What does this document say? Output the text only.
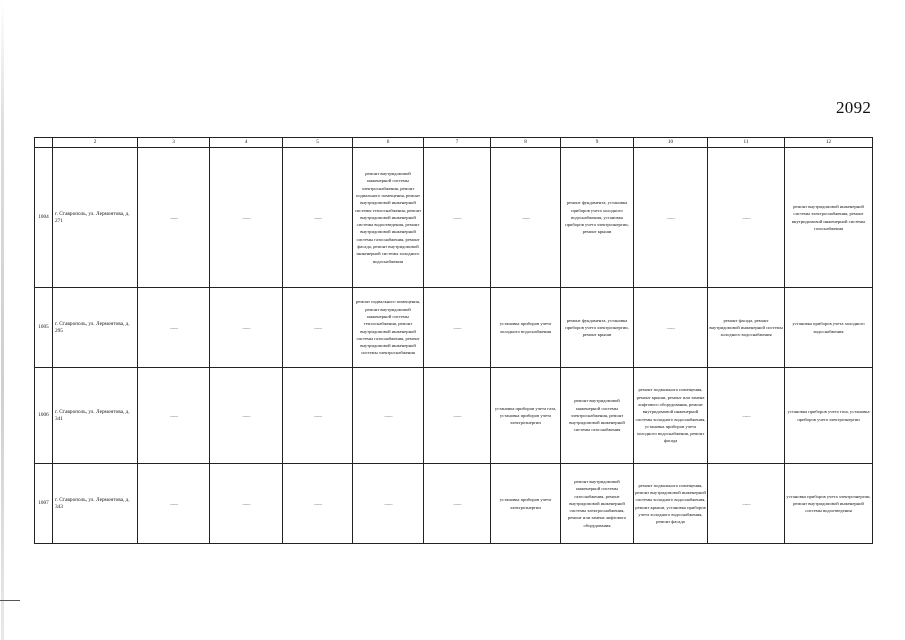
2092
	2	3	4	5	6	7	8	9	10	11	12
1004	г. Ставрополь, ул. Лермонтова, д. 271	——	——	——	ремонт внутридомовой инженерной системы электроснабжения, ремонт подвального помещения, ремонт внутридомовой инженерной системы теплоснабжения, ремонт внутридомовой инженерной системы водоотведения, ремонт внутридомовой инженерной системы газоснабжения, ремонт фасада, ремонт внутридомовой инженерной системы холодного водоснабжения	——	——	ремонт фундамента, установка приборов учета холодного водоснабжения, установка приборов учета электроэнергии, ремонт крыши	——	——	ремонт внутридомовой инженерной системы электроснабжения, ремонт внутридомовой инженерной системы газоснабжения
1005	г. Ставрополь, ул. Лермонтова, д. 295	——	——	——	ремонт подвального помещения, ремонт внутридомовой инженерной системы теплоснабжения, ремонт внутридомовой инженерной системы газоснабжения, ремонт внутридомовой инженерной системы электроснабжения	——	установка приборов учета холодного водоснабжения	ремонт фундамента, установка приборов учета электроэнергии, ремонт крыши	——	ремонт фасада, ремонт внутридомовой инженерной системы холодного водоснабжения	установка приборов учета холодного водоснабжения
1006	г. Ставрополь, ул. Лермонтова, д. 341	——	——	——	——	——	установка приборов учета газа, установка приборов учета электроэнергии	ремонт внутридомовой инженерной системы электроснабжения, ремонт внутридомовой инженерной системы газоснабжения	ремонт подвального помещения, ремонт крыши, ремонт или замена лифтового оборудования, ремонт внутридомовой инженерной системы холодного водоснабжения, установка приборов учета холодного водоснабжения, ремонт фасада	——	установка приборов учета газа, установка приборов учета электроэнергии
1007	г. Ставрополь, ул. Лермонтова, д. 343	——	——	——	——	——	установка приборов учета электроэнергии	ремонт внутридомовой инженерной системы газоснабжения, ремонт внутридомовой инженерной системы электроснабжения, ремонт или замена лифтового оборудования	ремонт подвального помещения, ремонт внутридомовой инженерной системы холодного водоснабжения, ремонт крыши, установка приборов учета холодного водоснабжения, ремонт фасада	——	установка приборов учета электроэнергии, ремонт внутридомовой инженерной системы водоотведения
